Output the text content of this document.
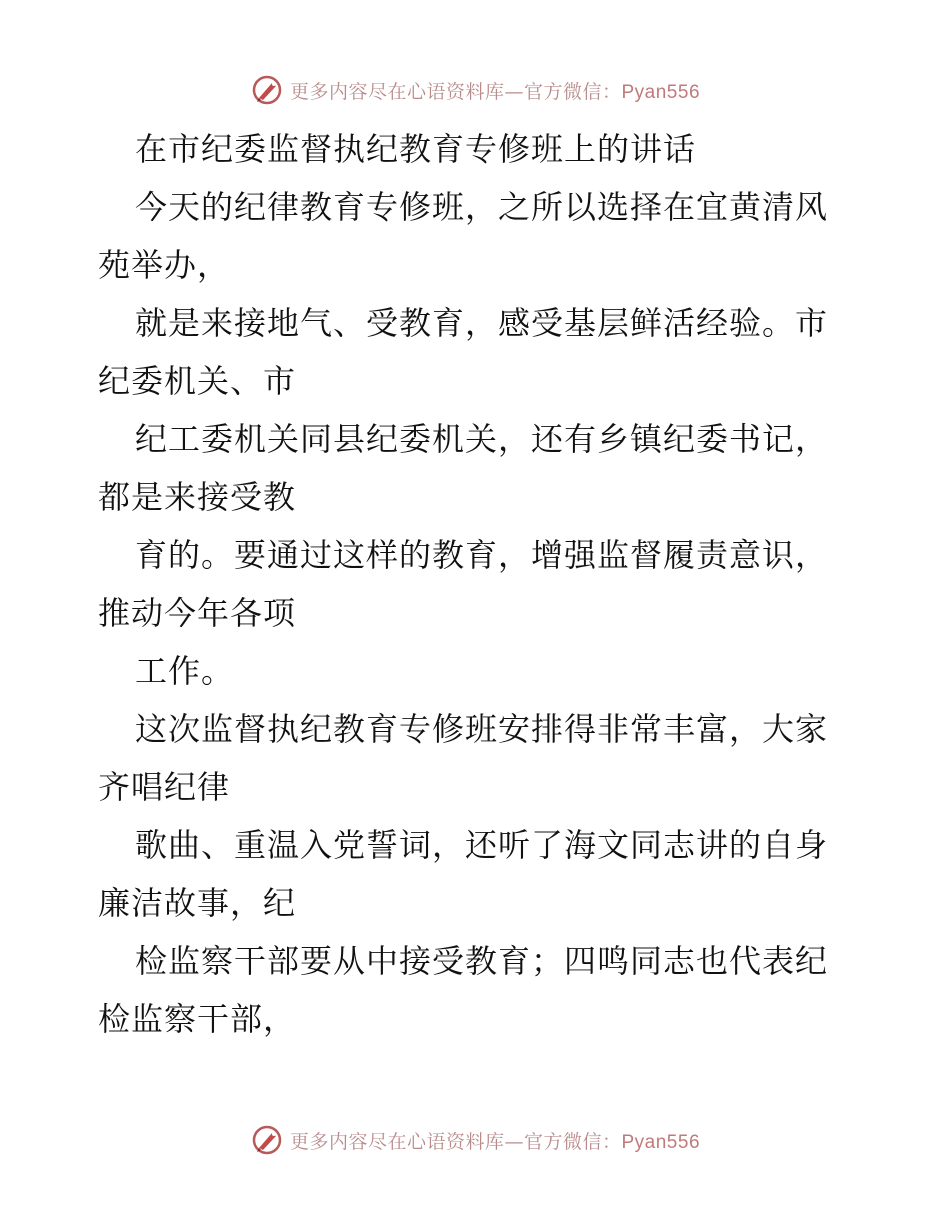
更多内容尽在心语资料库—官方微信：Pyan556
在市纪委监督执纪教育专修班上的讲话
今天的纪律教育专修班，之所以选择在宜黄清风
苑举办，
就是来接地气、受教育，感受基层鲜活经验。市
纪委机关、市
纪工委机关同县纪委机关，还有乡镇纪委书记，
都是来接受教
育的。要通过这样的教育，增强监督履责意识，
推动今年各项
工作。
这次监督执纪教育专修班安排得非常丰富，大家
齐唱纪律
歌曲、重温入党誓词，还听了海文同志讲的自身
廉洁故事，纪
检监察干部要从中接受教育；四鸣同志也代表纪
检监察干部，
更多内容尽在心语资料库—官方微信：Pyan556
